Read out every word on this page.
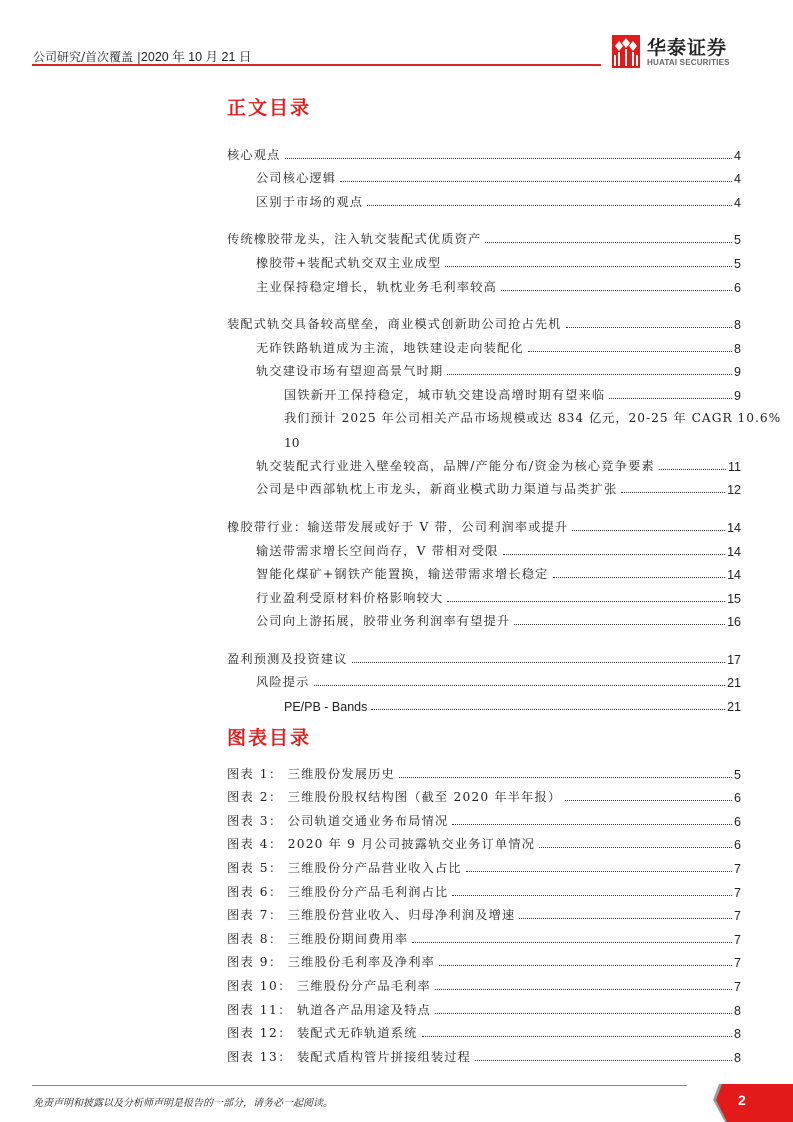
公司研究/首次覆盖 |2020 年 10 月 21 日	华泰证券
HUATAI SECURITIES
正文目录
核心观点	4
公司核心逻辑	4
区别于市场的观点	4
传统橡胶带龙头，注入轨交装配式优质资产	5
橡胶带+装配式轨交双主业成型	5
主业保持稳定增长，轨枕业务毛利率较高	6
装配式轨交具备较高壁垒，商业模式创新助公司抢占先机	8
无砟铁路轨道成为主流，地铁建设走向装配化	8
轨交建设市场有望迎高景气时期	9
国铁新开工保持稳定，城市轨交建设高增时期有望来临	9
我们预计 2025 年公司相关产品市场规模或达 834 亿元，20-25 年 CAGR 10.6%
10
轨交装配式行业进入壁垒较高，品牌/产能分布/资金为核心竞争要素	11
公司是中西部轨枕上市龙头，新商业模式助力渠道与品类扩张	12
橡胶带行业：输送带发展或好于 V 带，公司利润率或提升	14
输送带需求增长空间尚存，V 带相对受限	14
智能化煤矿+钢铁产能置换，输送带需求增长稳定	14
行业盈利受原材料价格影响较大	15
公司向上游拓展，胶带业务利润率有望提升	16
盈利预测及投资建议	17
风险提示	21
PE/PB - Bands	21
图表目录
图表 1： 三维股份发展历史	5
图表 2： 三维股份股权结构图（截至 2020 年半年报）	6
图表 3： 公司轨道交通业务布局情况	6
图表 4： 2020 年 9 月公司披露轨交业务订单情况	6
图表 5： 三维股份分产品营业收入占比	7
图表 6： 三维股份分产品毛利润占比	7
图表 7： 三维股份营业收入、归母净利润及增速	7
图表 8： 三维股份期间费用率	7
图表 9： 三维股份毛利率及净利率	7
图表 10： 三维股份分产品毛利率	7
图表 11： 轨道各产品用途及特点	8
图表 12： 装配式无砟轨道系统	8
图表 13： 装配式盾构管片拼接组装过程	8
免责声明和披露以及分析师声明是报告的一部分，请务必一起阅读。	2
